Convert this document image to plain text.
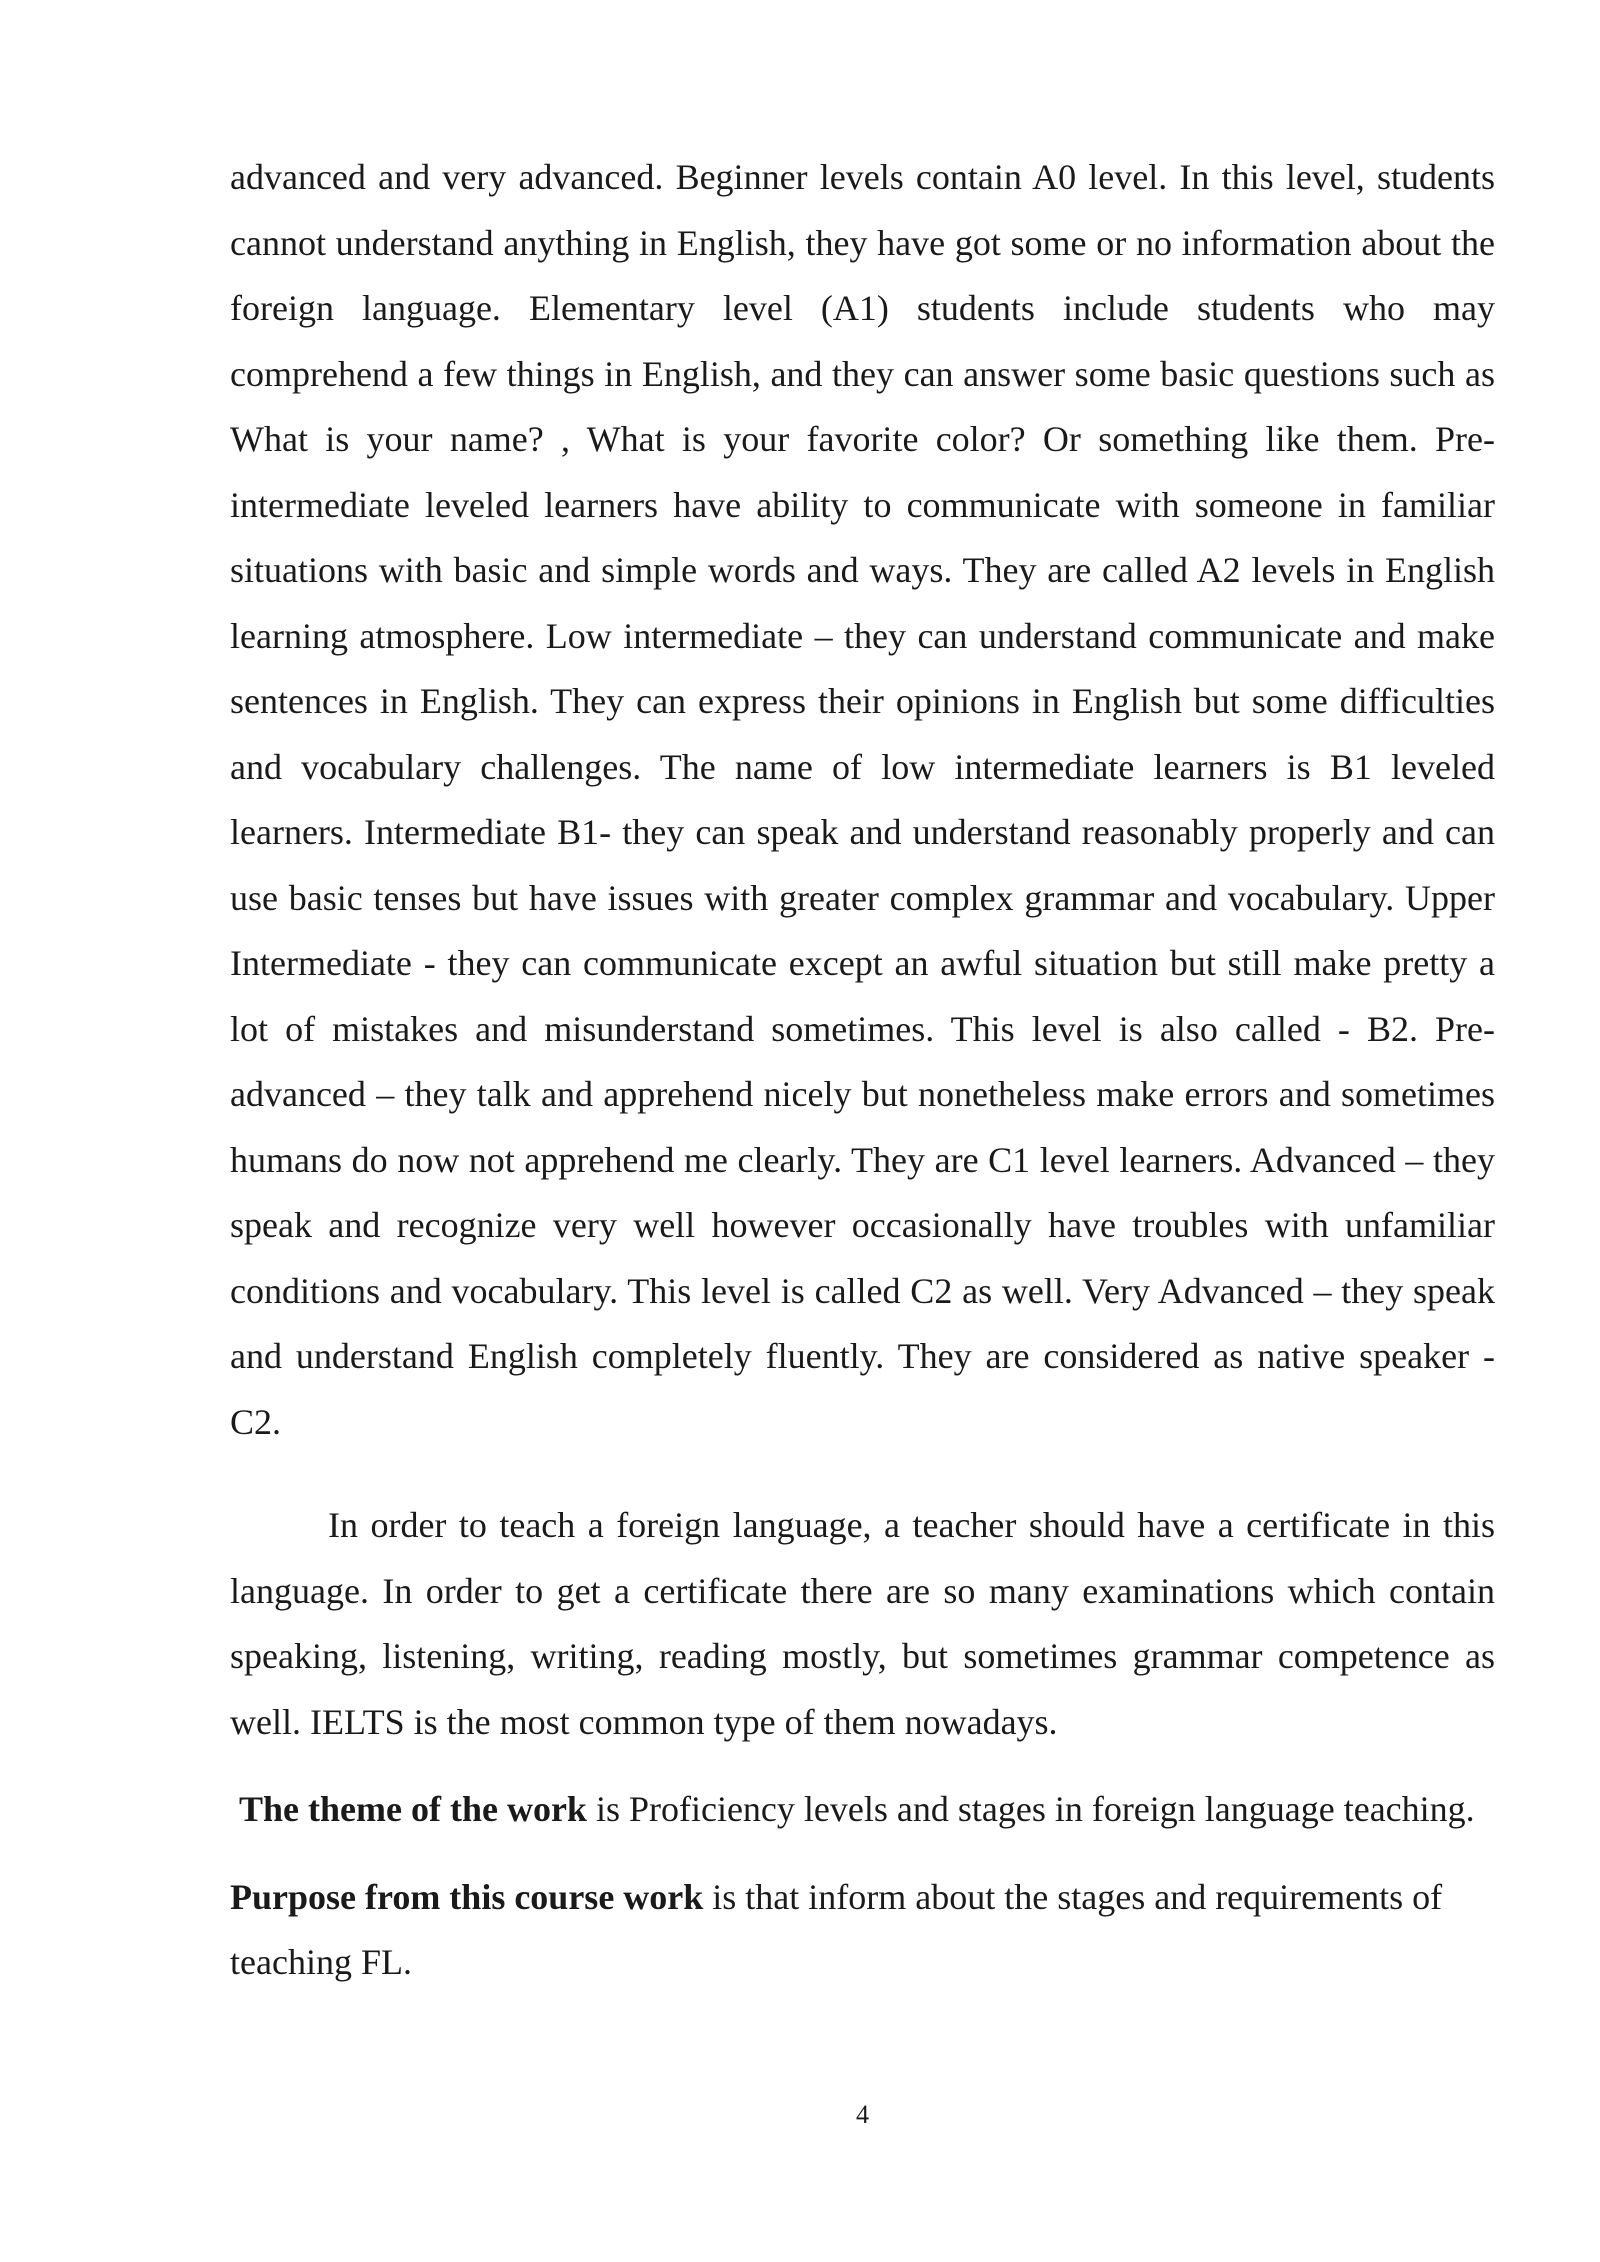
advanced and very advanced. Beginner levels contain A0 level. In this level, students cannot understand anything in English, they have got some or no information about the foreign language. Elementary level (A1) students include students who may comprehend a few things in English, and they can answer some basic questions such as What is your name? , What is your favorite color? Or something like them. Pre-intermediate leveled learners have ability to communicate with someone in familiar situations with basic and simple words and ways. They are called A2 levels in English learning atmosphere. Low intermediate – they can understand communicate and make sentences in English. They can express their opinions in English but some difficulties and vocabulary challenges. The name of low intermediate learners is B1 leveled learners. Intermediate B1- they can speak and understand reasonably properly and can use basic tenses but have issues with greater complex grammar and vocabulary. Upper Intermediate - they can communicate except an awful situation but still make pretty a lot of mistakes and misunderstand sometimes. This level is also called - B2. Pre-advanced – they talk and apprehend nicely but nonetheless make errors and sometimes humans do now not apprehend me clearly. They are C1 level learners. Advanced – they speak and recognize very well however occasionally have troubles with unfamiliar conditions and vocabulary. This level is called C2 as well. Very Advanced – they speak and understand English completely fluently. They are considered as native speaker - C2.

In order to teach a foreign language, a teacher should have a certificate in this language. In order to get a certificate there are so many examinations which contain speaking, listening, writing, reading mostly, but sometimes grammar competence as well. IELTS is the most common type of them nowadays.

The theme of the work is Proficiency levels and stages in foreign language teaching.

Purpose from this course work is that inform about the stages and requirements of teaching FL.

4
